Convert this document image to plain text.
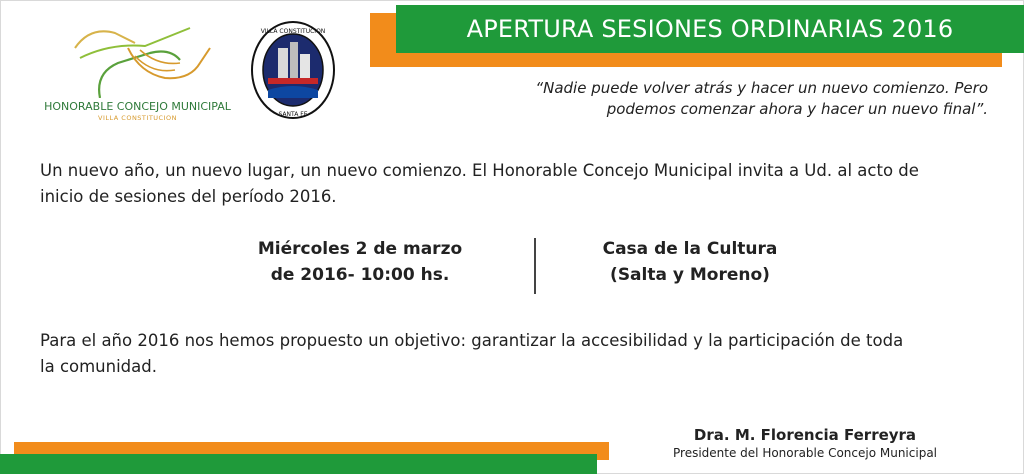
APERTURA SESIONES ORDINARIAS 2016
HONORABLE CONCEJO MUNICIPAL
VILLA CONSTITUCION
VILLA CONSTITUCION
SANTA FE
“Nadie puede volver atrás y hacer un nuevo comienzo. Pero
podemos comenzar ahora y hacer un nuevo final”.
Un nuevo año, un nuevo lugar, un nuevo comienzo. El Honorable Concejo Municipal invita a Ud. al acto de
inicio de sesiones del período 2016.
Miércoles 2 de marzo
de 2016- 10:00 hs.
Casa de la Cultura
(Salta y Moreno)
Para el año 2016 nos hemos propuesto un objetivo: garantizar la accesibilidad y la participación de toda
la comunidad.
Dra. M. Florencia Ferreyra
Presidente del Honorable Concejo Municipal
